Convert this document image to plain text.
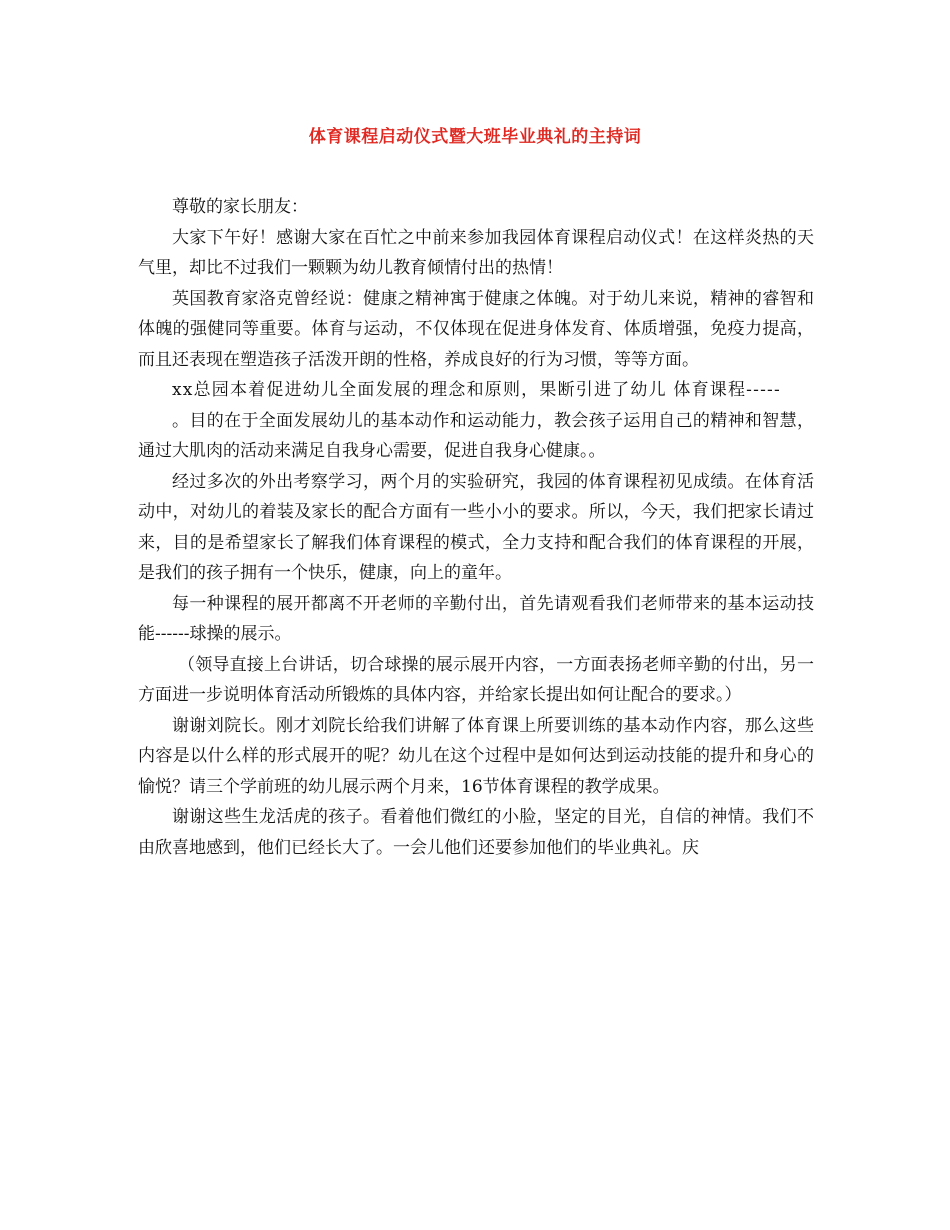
体育课程启动仪式暨大班毕业典礼的主持词

尊敬的家长朋友：

大家下午好！感谢大家在百忙之中前来参加我园体育课程启动仪式！在这样炎热的天气里，却比不过我们一颗颗为幼儿教育倾情付出的热情！

英国教育家洛克曾经说：健康之精神寓于健康之体魄。对于幼儿来说，精神的睿智和体魄的强健同等重要。体育与运动，不仅体现在促进身体发育、体质增强，免疫力提高，而且还表现在塑造孩子活泼开朗的性格，养成良好的行为习惯，等等方面。

xx总园本着促进幼儿全面发展的理念和原则，果断引进了幼儿 体育课程-----

。目的在于全面发展幼儿的基本动作和运动能力，教会孩子运用自己的精神和智慧，通过大肌肉的活动来满足自我身心需要，促进自我身心健康。。

经过多次的外出考察学习，两个月的实验研究，我园的体育课程初见成绩。在体育活动中，对幼儿的着装及家长的配合方面有一些小小的要求。所以，今天，我们把家长请过来，目的是希望家长了解我们体育课程的模式，全力支持和配合我们的体育课程的开展，是我们的孩子拥有一个快乐，健康，向上的童年。

每一种课程的展开都离不开老师的辛勤付出，首先请观看我们老师带来的基本运动技能------球操的展示。

（领导直接上台讲话，切合球操的展示展开内容，一方面表扬老师辛勤的付出，另一方面进一步说明体育活动所锻炼的具体内容，并给家长提出如何让配合的要求。）

谢谢刘院长。刚才刘院长给我们讲解了体育课上所要训练的基本动作内容，那么这些内容是以什么样的形式展开的呢？幼儿在这个过程中是如何达到运动技能的提升和身心的愉悦？请三个学前班的幼儿展示两个月来，16节体育课程的教学成果。

谢谢这些生龙活虎的孩子。看着他们微红的小脸，坚定的目光，自信的神情。我们不由欣喜地感到，他们已经长大了。一会儿他们还要参加他们的毕业典礼。庆
